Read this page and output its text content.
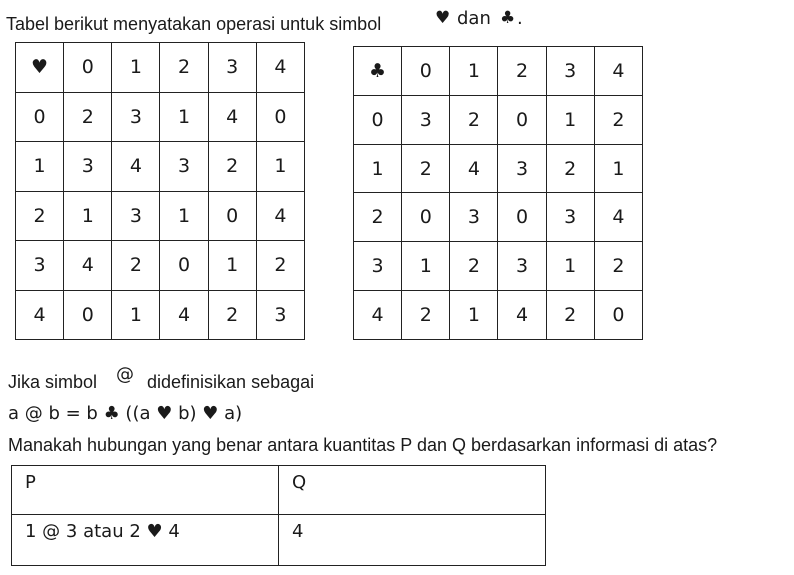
Tabel berikut menyatakan operasi untuk simbol	♥ dan ♣ .
♥	0	1	2	3	4
0	2	3	1	4	0
1	3	4	3	2	1
2	1	3	1	0	4
3	4	2	0	1	2
4	0	1	4	2	3
♣	0	1	2	3	4
0	3	2	0	1	2
1	2	4	3	2	1
2	0	3	0	3	4
3	1	2	3	1	2
4	2	1	4	2	0
Jika simbol @ didefinisikan sebagai
a @ b = b ♣ ((a ♥ b) ♥ a)
Manakah hubungan yang benar antara kuantitas P dan Q berdasarkan informasi di atas?
P	Q
1 @ 3 atau 2 ♥ 4	4
